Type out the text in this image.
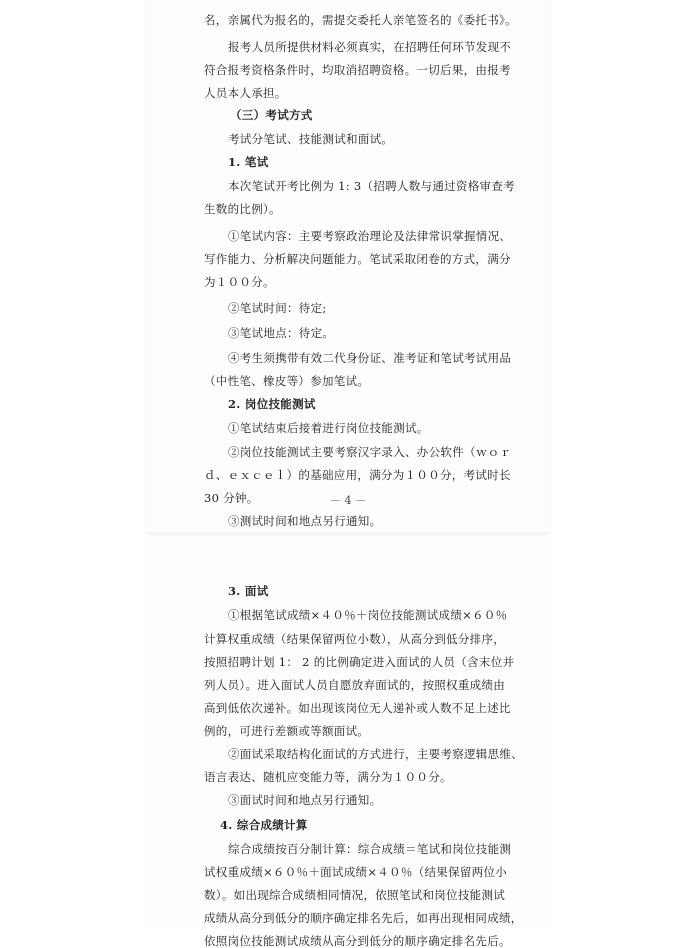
名，亲属代为报名的，需提交委托人亲笔签名的《委托书》。

报考人员所提供材料必须真实，在招聘任何环节发现不

符合报考资格条件时，均取消招聘资格。一切后果，由报考

人员本人承担。

（三）考试方式

考试分笔试、技能测试和面试。

1. 笔试

本次笔试开考比例为 1: 3（招聘人数与通过资格审查考

生数的比例）。

①笔试内容：主要考察政治理论及法律常识掌握情况、

写作能力、分析解决问题能力。笔试采取闭卷的方式，满分

为１００分。

②笔试时间：待定;

③笔试地点：待定。

④考生须携带有效二代身份证、准考证和笔试考试用品

（中性笔、橡皮等）参加笔试。

2. 岗位技能测试

①笔试结束后接着进行岗位技能测试。

②岗位技能测试主要考察汉字录入、办公软件（ｗｏｒ

ｄ、ｅｘｃｅｌ）的基础应用，满分为１００分，考试时长

30 分钟。

③测试时间和地点另行通知。

－ 4 －

3. 面试

①根据笔试成绩×４０％＋岗位技能测试成绩×６０％

计算权重成绩（结果保留两位小数），从高分到低分排序，

按照招聘计划 1： 2 的比例确定进入面试的人员（含末位并

列人员）。进入面试人员自愿放弃面试的，按照权重成绩由

高到低依次递补。如出现该岗位无人递补或人数不足上述比

例的，可进行差额或等额面试。

②面试采取结构化面试的方式进行，主要考察逻辑思维、

语言表达、随机应变能力等，满分为１００分。

③面试时间和地点另行通知。

4. 综合成绩计算

综合成绩按百分制计算：综合成绩＝笔试和岗位技能测

试权重成绩×６０％＋面试成绩×４０％（结果保留两位小

数）。如出现综合成绩相同情况，依照笔试和岗位技能测试

成绩从高分到低分的顺序确定排名先后，如再出现相同成绩，

依照岗位技能测试成绩从高分到低分的顺序确定排名先后。
